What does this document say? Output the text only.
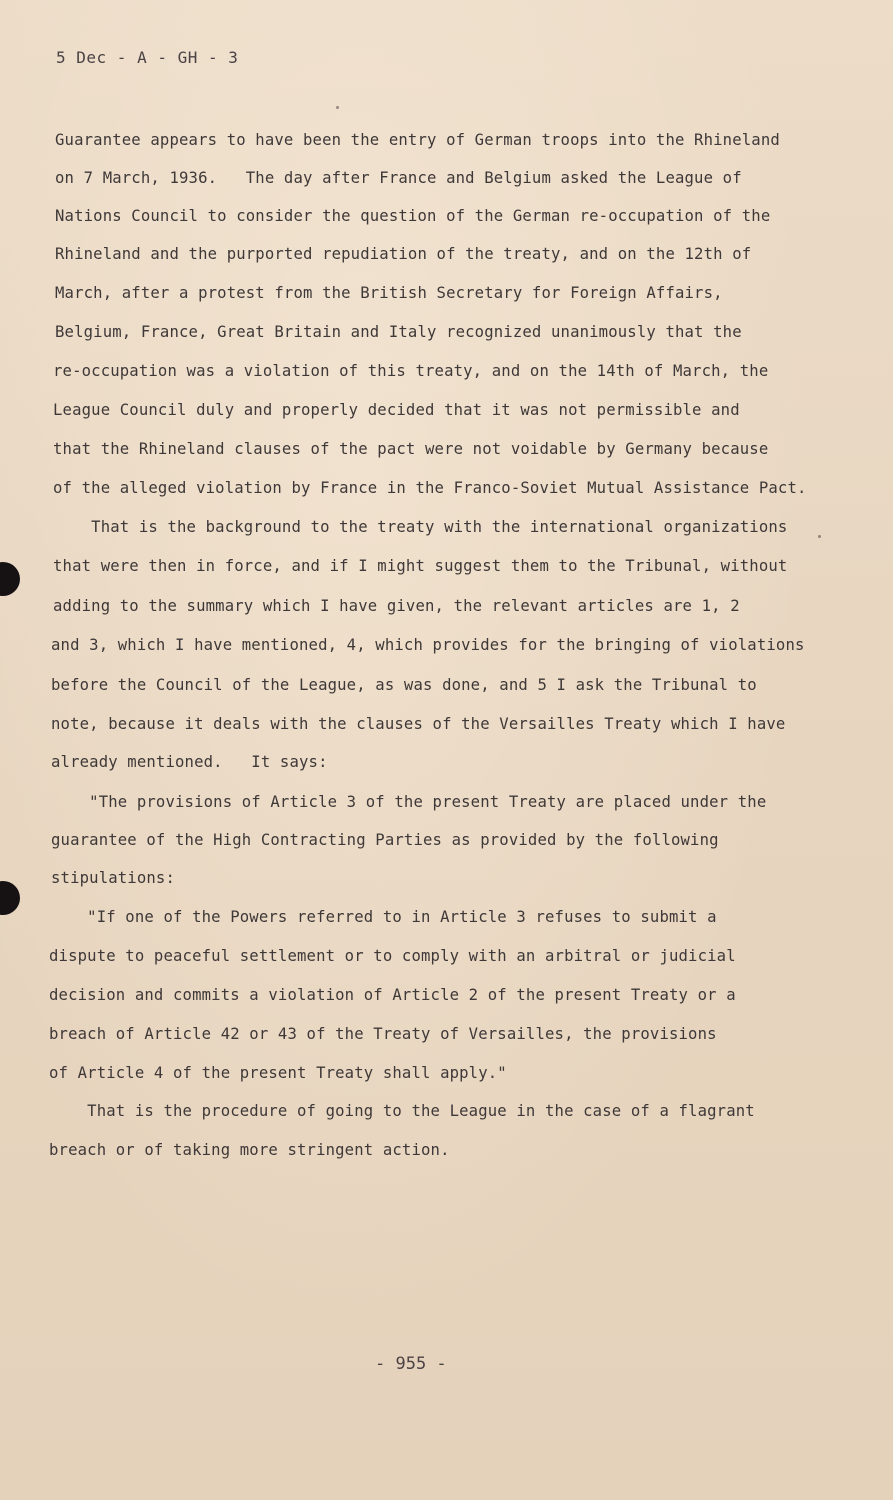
5 Dec - A - GH - 3
Guarantee appears to have been the entry of German troops into the Rhineland
on 7 March, 1936.   The day after France and Belgium asked the League of
Nations Council to consider the question of the German re-occupation of the
Rhineland and the purported repudiation of the treaty, and on the 12th of
March, after a protest from the British Secretary for Foreign Affairs,
Belgium, France, Great Britain and Italy recognized unanimously that the
re-occupation was a violation of this treaty, and on the 14th of March, the
League Council duly and properly decided that it was not permissible and
that the Rhineland clauses of the pact were not voidable by Germany because
of the alleged violation by France in the Franco-Soviet Mutual Assistance Pact.
That is the background to the treaty with the international organizations
that were then in force, and if I might suggest them to the Tribunal, without
adding to the summary which I have given, the relevant articles are 1, 2
and 3, which I have mentioned, 4, which provides for the bringing of violations
before the Council of the League, as was done, and 5 I ask the Tribunal to
note, because it deals with the clauses of the Versailles Treaty which I have
already mentioned.   It says:
"The provisions of Article 3 of the present Treaty are placed under the
guarantee of the High Contracting Parties as provided by the following
stipulations:
"If one of the Powers referred to in Article 3 refuses to submit a
dispute to peaceful settlement or to comply with an arbitral or judicial
decision and commits a violation of Article 2 of the present Treaty or a
breach of Article 42 or 43 of the Treaty of Versailles, the provisions
of Article 4 of the present Treaty shall apply."
That is the procedure of going to the League in the case of a flagrant
breach or of taking more stringent action.
- 955 -
